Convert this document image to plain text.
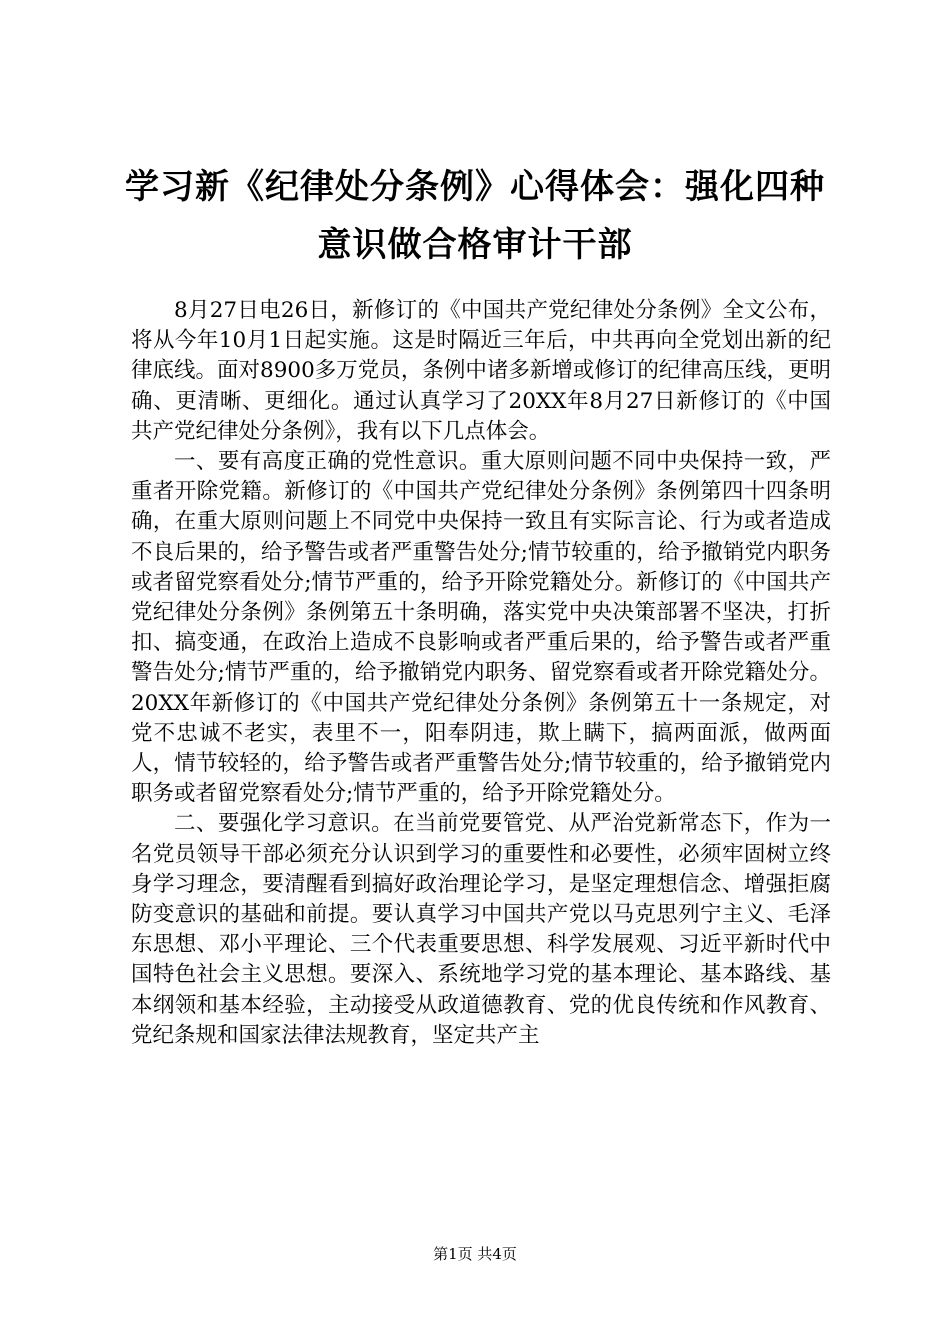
学习新《纪律处分条例》心得体会：强化四种
意识做合格审计干部

8月27日电26日，新修订的《中国共产党纪律处分条例》全文公布，将从今年10月1日起实施。这是时隔近三年后，中共再向全党划出新的纪律底线。面对8900多万党员，条例中诸多新增或修订的纪律高压线，更明确、更清晰、更细化。通过认真学习了20XX年8月27日新修订的《中国共产党纪律处分条例》，我有以下几点体会。

一、要有高度正确的党性意识。重大原则问题不同中央保持一致，严重者开除党籍。新修订的《中国共产党纪律处分条例》条例第四十四条明确，在重大原则问题上不同党中央保持一致且有实际言论、行为或者造成不良后果的，给予警告或者严重警告处分;情节较重的，给予撤销党内职务或者留党察看处分;情节严重的，给予开除党籍处分。新修订的《中国共产党纪律处分条例》条例第五十条明确，落实党中央决策部署不坚决，打折扣、搞变通，在政治上造成不良影响或者严重后果的，给予警告或者严重警告处分;情节严重的，给予撤销党内职务、留党察看或者开除党籍处分。20XX年新修订的《中国共产党纪律处分条例》条例第五十一条规定，对党不忠诚不老实，表里不一，阳奉阴违，欺上瞒下，搞两面派，做两面人，情节较轻的，给予警告或者严重警告处分;情节较重的，给予撤销党内职务或者留党察看处分;情节严重的，给予开除党籍处分。

二、要强化学习意识。在当前党要管党、从严治党新常态下，作为一名党员领导干部必须充分认识到学习的重要性和必要性，必须牢固树立终身学习理念，要清醒看到搞好政治理论学习，是坚定理想信念、增强拒腐防变意识的基础和前提。要认真学习中国共产党以马克思列宁主义、毛泽东思想、邓小平理论、三个代表重要思想、科学发展观、习近平新时代中国特色社会主义思想。要深入、系统地学习党的基本理论、基本路线、基本纲领和基本经验，主动接受从政道德教育、党的优良传统和作风教育、党纪条规和国家法律法规教育，坚定共产主

第1页 共4页
